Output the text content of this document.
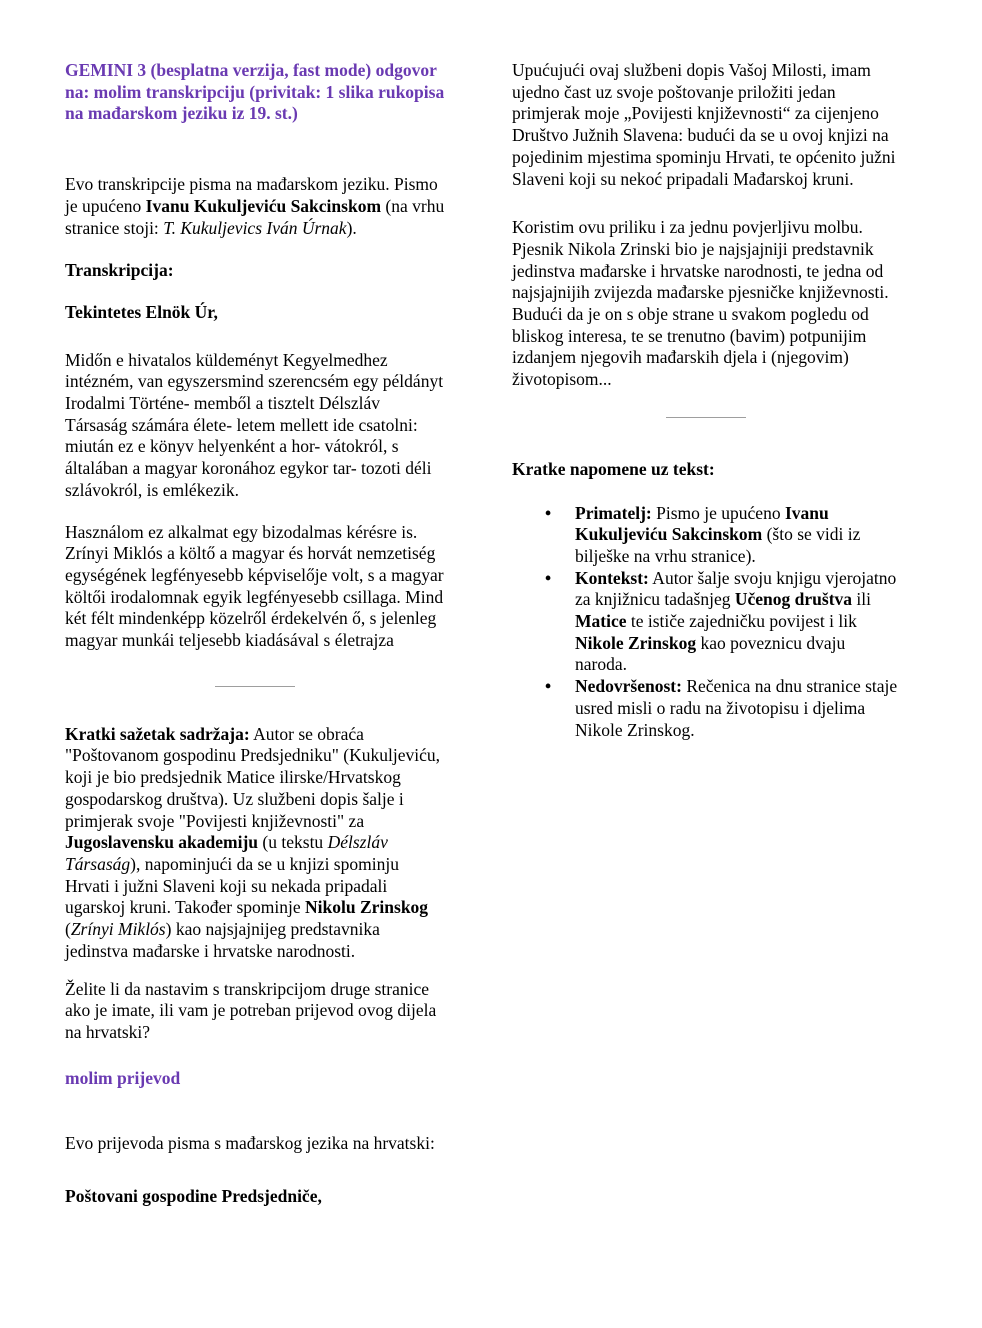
GEMINI 3 (besplatna verzija, fast mode) odgovor na: molim transkripciju (privitak: 1 slika rukopisa na mađarskom jeziku iz 19. st.)

Evo transkripcije pisma na mađarskom jeziku. Pismo je upućeno Ivanu Kukuljeviću Sakcinskom (na vrhu stranice stoji: T. Kukuljevics Iván Úrnak).

Transkripcija:

Tekintetes Elnök Úr,

Midőn e hivatalos küldeményt Kegyelmedhez intézném, van egyszersmind szerencsém egy példányt Irodalmi Történe- memből a tisztelt Délszláv Társaság számára élete- letem mellett ide csatolni: miután ez e könyv helyenként a hor- vátokról, s általában a magyar koronához egykor tar- tozoti déli szlávokról, is emlékezik.

Használom ez alkalmat egy bizodalmas kérésre is. Zrínyi Miklós a költő a magyar és horvát nemzetiség egységének legfényesebb képviselője volt, s a magyar költői irodalomnak egyik legfényesebb csillaga. Mind két félt mindenképp közelről érdekelvén ő, s jelenleg magyar munkái teljesebb kiadásával s életrajza

Kratki sažetak sadržaja: Autor se obraća "Poštovanom gospodinu Predsjedniku" (Kukuljeviću, koji je bio predsjednik Matice ilirske/Hrvatskog gospodarskog društva). Uz službeni dopis šalje i primjerak svoje "Povijesti književnosti" za Jugoslavensku akademiju (u tekstu Délszláv Társaság), napominjući da se u knjizi spominju Hrvati i južni Slaveni koji su nekada pripadali ugarskoj kruni. Također spominje Nikolu Zrinskog (Zrínyi Miklós) kao najsjajnijeg predstavnika jedinstva mađarske i hrvatske narodnosti.

Želite li da nastavim s transkripcijom druge stranice ako je imate, ili vam je potreban prijevod ovog dijela na hrvatski?

molim prijevod

Evo prijevoda pisma s mađarskog jezika na hrvatski:

Poštovani gospodine Predsjedniče,

Upućujući ovaj službeni dopis Vašoj Milosti, imam ujedno čast uz svoje poštovanje priložiti jedan primjerak moje „Povijesti književnosti“ za cijenjeno Društvo Južnih Slavena: budući da se u ovoj knjizi na pojedinim mjestima spominju Hrvati, te općenito južni Slaveni koji su nekoć pripadali Mađarskoj kruni.

Koristim ovu priliku i za jednu povjerljivu molbu. Pjesnik Nikola Zrinski bio je najsjajniji predstavnik jedinstva mađarske i hrvatske narodnosti, te jedna od najsjajnijih zvijezda mađarske pjesničke književnosti. Budući da je on s obje strane u svakom pogledu od bliskog interesa, te se trenutno (bavim) potpunijim izdanjem njegovih mađarskih djela i (njegovim) životopisom...

Kratke napomene uz tekst:

• Primatelj: Pismo je upućeno Ivanu Kukuljeviću Sakcinskom (što se vidi iz bilješke na vrhu stranice).
• Kontekst: Autor šalje svoju knjigu vjerojatno za knjižnicu tadašnjeg Učenog društva ili Matice te ističe zajedničku povijest i lik Nikole Zrinskog kao poveznicu dvaju naroda.
• Nedovršenost: Rečenica na dnu stranice staje usred misli o radu na životopisu i djelima Nikole Zrinskog.
